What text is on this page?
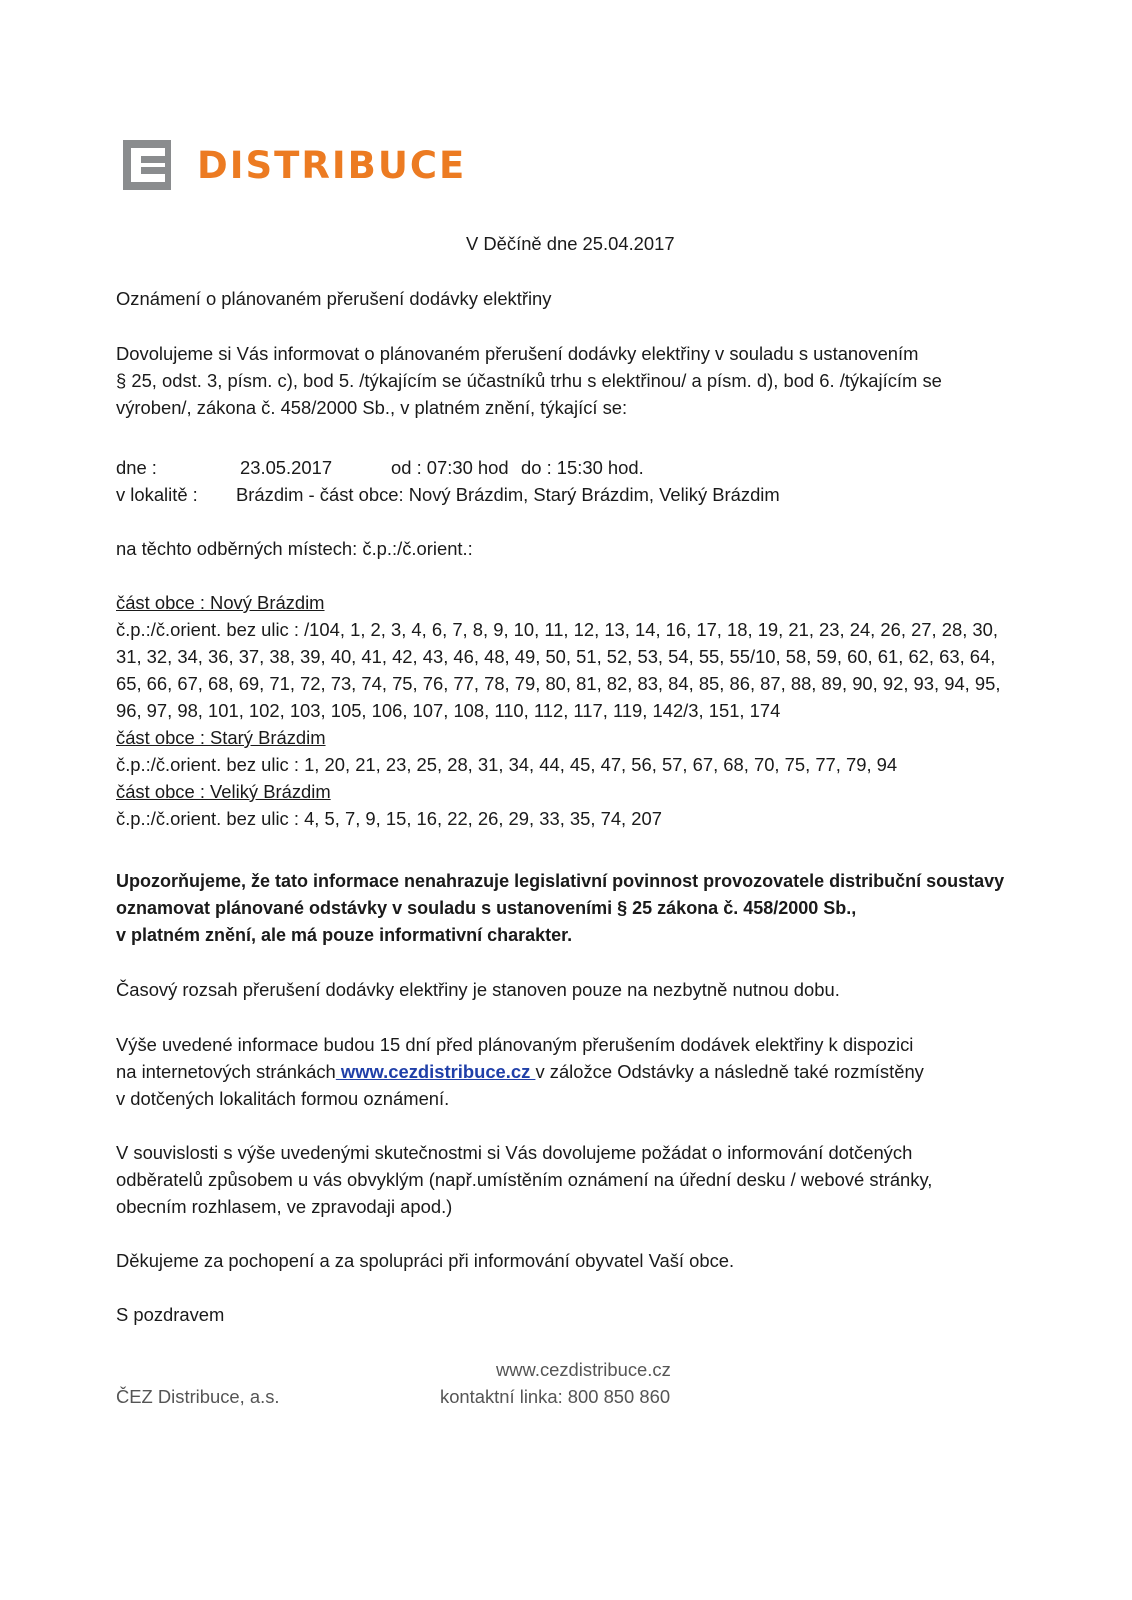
DISTRIBUCE
V Děčíně dne 25.04.2017
Oznámení o plánovaném přerušení dodávky elektřiny
Dovolujeme si Vás informovat o plánovaném přerušení dodávky elektřiny v souladu s ustanovením
§ 25, odst. 3, písm. c), bod 5. /týkajícím se účastníků trhu s elektřinou/ a písm. d), bod 6. /týkajícím se
výroben/, zákona č. 458/2000 Sb., v platném znění, týkající se:
dne :	23.05.2017	od : 07:30 hod do : 15:30 hod.
v lokalitě :	Brázdim - část obce: Nový Brázdim, Starý Brázdim, Veliký Brázdim
na těchto odběrných místech: č.p.:/č.orient.:
část obce : Nový Brázdim
č.p.:/č.orient. bez ulic : /104, 1, 2, 3, 4, 6, 7, 8, 9, 10, 11, 12, 13, 14, 16, 17, 18, 19, 21, 23, 24, 26, 27, 28, 30,
31, 32, 34, 36, 37, 38, 39, 40, 41, 42, 43, 46, 48, 49, 50, 51, 52, 53, 54, 55, 55/10, 58, 59, 60, 61, 62, 63, 64,
65, 66, 67, 68, 69, 71, 72, 73, 74, 75, 76, 77, 78, 79, 80, 81, 82, 83, 84, 85, 86, 87, 88, 89, 90, 92, 93, 94, 95,
96, 97, 98, 101, 102, 103, 105, 106, 107, 108, 110, 112, 117, 119, 142/3, 151, 174
část obce : Starý Brázdim
č.p.:/č.orient. bez ulic : 1, 20, 21, 23, 25, 28, 31, 34, 44, 45, 47, 56, 57, 67, 68, 70, 75, 77, 79, 94
část obce : Veliký Brázdim
č.p.:/č.orient. bez ulic : 4, 5, 7, 9, 15, 16, 22, 26, 29, 33, 35, 74, 207
Upozorňujeme, že tato informace nenahrazuje legislativní povinnost provozovatele distribuční soustavy
oznamovat plánované odstávky v souladu s ustanoveními § 25 zákona č. 458/2000 Sb.,
v platném znění, ale má pouze informativní charakter.
Časový rozsah přerušení dodávky elektřiny je stanoven pouze na nezbytně nutnou dobu.
Výše uvedené informace budou 15 dní před plánovaným přerušením dodávek elektřiny k dispozici
na internetových stránkách www.cezdistribuce.cz v záložce Odstávky a následně také rozmístěny
v dotčených lokalitách formou oznámení.
V souvislosti s výše uvedenými skutečnostmi si Vás dovolujeme požádat o informování dotčených
odběratelů způsobem u vás obvyklým (např.umístěním oznámení na úřední desku / webové stránky,
obecním rozhlasem, ve zpravodaji apod.)
Děkujeme za pochopení a za spolupráci při informování obyvatel Vaší obce.
S pozdravem
ČEZ Distribuce, a.s.
www.cezdistribuce.cz
kontaktní linka: 800 850 860
